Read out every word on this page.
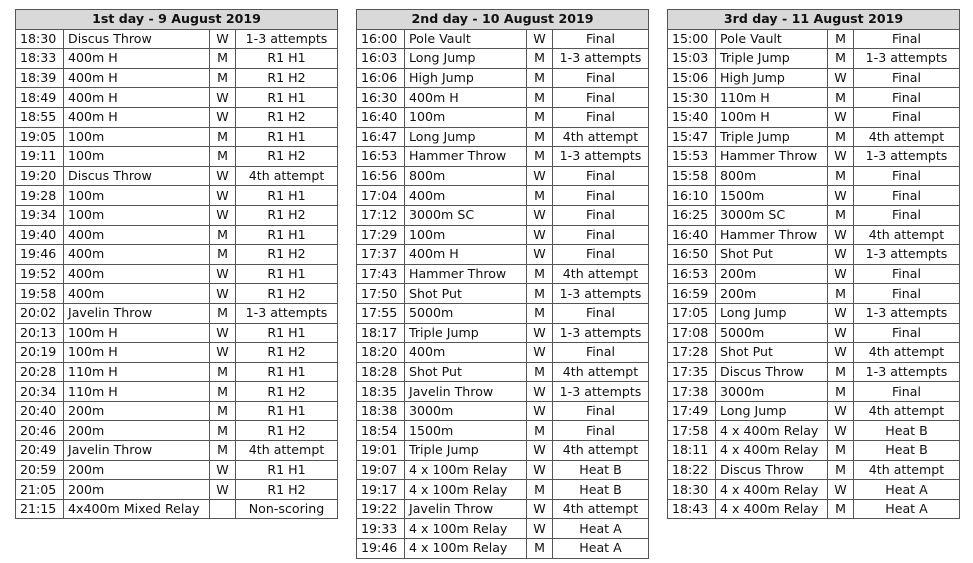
1st day - 9 August 2019			
18:30	Discus Throw	W	1-3 attempts
18:33	400m H	M	R1 H1
18:39	400m H	M	R1 H2
18:49	400m H	W	R1 H1
18:55	400m H	W	R1 H2
19:05	100m	M	R1 H1
19:11	100m	M	R1 H2
19:20	Discus Throw	W	4th attempt
19:28	100m	W	R1 H1
19:34	100m	W	R1 H2
19:40	400m	M	R1 H1
19:46	400m	M	R1 H2
19:52	400m	W	R1 H1
19:58	400m	W	R1 H2
20:02	Javelin Throw	M	1-3 attempts
20:13	100m H	W	R1 H1
20:19	100m H	W	R1 H2
20:28	110m H	M	R1 H1
20:34	110m H	M	R1 H2
20:40	200m	M	R1 H1
20:46	200m	M	R1 H2
20:49	Javelin Throw	M	4th attempt
20:59	200m	W	R1 H1
21:05	200m	W	R1 H2
21:15	4x400m Mixed Relay		Non-scoring
2nd day - 10 August 2019			
16:00	Pole Vault	W	Final
16:03	Long Jump	M	1-3 attempts
16:06	High Jump	M	Final
16:30	400m H	M	Final
16:40	100m	M	Final
16:47	Long Jump	M	4th attempt
16:53	Hammer Throw	M	1-3 attempts
16:56	800m	W	Final
17:04	400m	M	Final
17:12	3000m SC	W	Final
17:29	100m	W	Final
17:37	400m H	W	Final
17:43	Hammer Throw	M	4th attempt
17:50	Shot Put	M	1-3 attempts
17:55	5000m	M	Final
18:17	Triple Jump	W	1-3 attempts
18:20	400m	W	Final
18:28	Shot Put	M	4th attempt
18:35	Javelin Throw	W	1-3 attempts
18:38	3000m	W	Final
18:54	1500m	M	Final
19:01	Triple Jump	W	4th attempt
19:07	4 x 100m Relay	W	Heat B
19:17	4 x 100m Relay	M	Heat B
19:22	Javelin Throw	W	4th attempt
19:33	4 x 100m Relay	W	Heat A
19:46	4 x 100m Relay	M	Heat A
3rd day - 11 August 2019			
15:00	Pole Vault	M	Final
15:03	Triple Jump	M	1-3 attempts
15:06	High Jump	W	Final
15:30	110m H	M	Final
15:40	100m H	W	Final
15:47	Triple Jump	M	4th attempt
15:53	Hammer Throw	W	1-3 attempts
15:58	800m	M	Final
16:10	1500m	W	Final
16:25	3000m SC	M	Final
16:40	Hammer Throw	W	4th attempt
16:50	Shot Put	W	1-3 attempts
16:53	200m	W	Final
16:59	200m	M	Final
17:05	Long Jump	W	1-3 attempts
17:08	5000m	W	Final
17:28	Shot Put	W	4th attempt
17:35	Discus Throw	M	1-3 attempts
17:38	3000m	M	Final
17:49	Long Jump	W	4th attempt
17:58	4 x 400m Relay	W	Heat B
18:11	4 x 400m Relay	M	Heat B
18:22	Discus Throw	M	4th attempt
18:30	4 x 400m Relay	W	Heat A
18:43	4 x 400m Relay	M	Heat A
